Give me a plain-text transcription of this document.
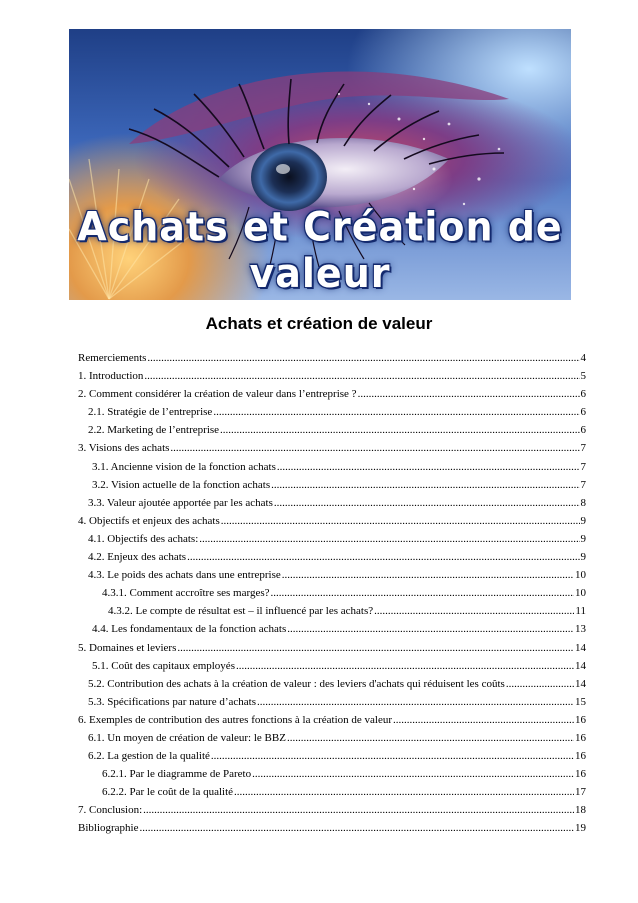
Achats et Création de valeur
Achats et création de valeur
Remerciements .....	4
1. Introduction .....	5
2. Comment considérer la création de valeur dans l’entreprise ? .....	6
2.1. Stratégie de l’entreprise .....	6
2.2. Marketing de l’entreprise .....	6
3. Visions des achats .....	7
3.1. Ancienne vision de la fonction achats .....	7
3.2. Vision actuelle de la fonction achats .....	7
3.3. Valeur ajoutée apportée par les achats .....	8
4. Objectifs et enjeux des achats .....	9
4.1. Objectifs des achats: .....	9
4.2. Enjeux des achats .....	9
4.3. Le poids des achats dans une entreprise .....	10
4.3.1. Comment accroître ses marges? .....	10
4.3.2. Le compte de résultat est – il influencé par les achats? .....	11
4.4. Les fondamentaux de la fonction achats .....	13
5. Domaines et leviers .....	14
5.1. Coût des capitaux employés .....	14
5.2. Contribution des achats à la création de valeur : des leviers d'achats qui réduisent les coûts .....	14
5.3. Spécifications par nature d’achats .....	15
6. Exemples de contribution des autres fonctions à la création de valeur .....	16
6.1. Un moyen de création de valeur: le BBZ .....	16
6.2. La gestion de la qualité .....	16
6.2.1. Par le diagramme de Pareto .....	16
6.2.2. Par le coût de la qualité .....	17
7. Conclusion: .....	18
Bibliographie .....	19
